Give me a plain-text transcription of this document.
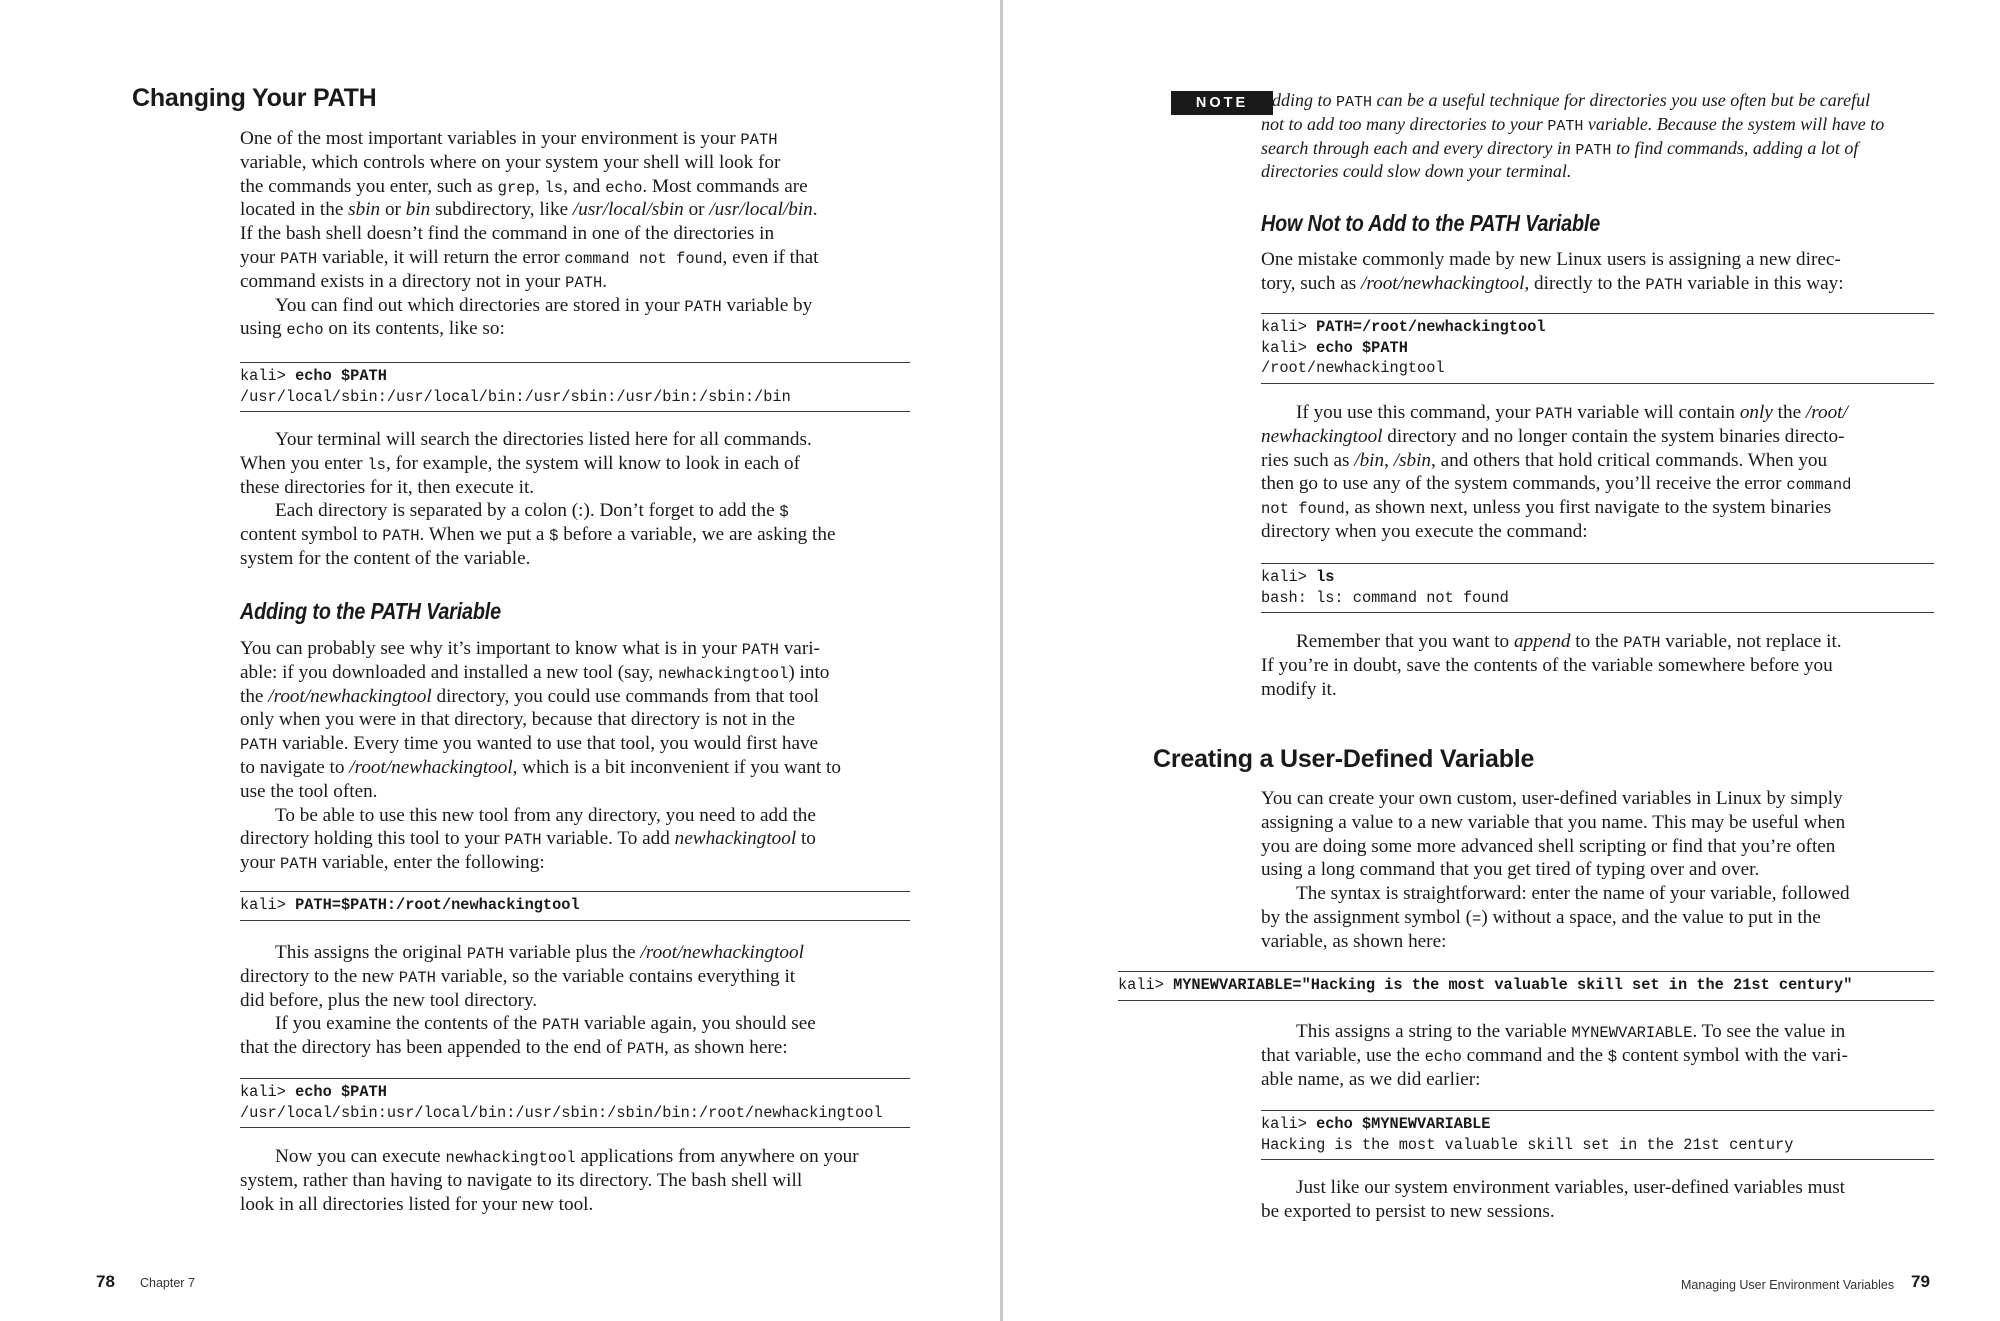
Changing Your PATH
One of the most important variables in your environment is your PATH
variable, which controls where on your system your shell will look for
the commands you enter, such as grep, ls, and echo. Most commands are
located in the sbin or bin subdirectory, like /usr/local/sbin or /usr/local/bin.
If the bash shell doesn’t find the command in one of the directories in
your PATH variable, it will return the error command not found, even if that
command exists in a directory not in your PATH.
You can find out which directories are stored in your PATH variable by
using echo on its contents, like so:
kali> echo $PATH
/usr/local/sbin:/usr/local/bin:/usr/sbin:/usr/bin:/sbin:/bin
Your terminal will search the directories listed here for all commands.
When you enter ls, for example, the system will know to look in each of
these directories for it, then execute it.
Each directory is separated by a colon (:). Don’t forget to add the $
content symbol to PATH. When we put a $ before a variable, we are asking the
system for the content of the variable.
Adding to the PATH Variable
You can probably see why it’s important to know what is in your PATH vari-
able: if you downloaded and installed a new tool (say, newhackingtool) into
the /root/newhackingtool directory, you could use commands from that tool
only when you were in that directory, because that directory is not in the
PATH variable. Every time you wanted to use that tool, you would first have
to navigate to /root/newhackingtool, which is a bit inconvenient if you want to
use the tool often.
To be able to use this new tool from any directory, you need to add the
directory holding this tool to your PATH variable. To add newhackingtool to
your PATH variable, enter the following:
kali> PATH=$PATH:/root/newhackingtool
This assigns the original PATH variable plus the /root/newhackingtool
directory to the new PATH variable, so the variable contains everything it
did before, plus the new tool directory.
If you examine the contents of the PATH variable again, you should see
that the directory has been appended to the end of PATH, as shown here:
kali> echo $PATH
/usr/local/sbin:usr/local/bin:/usr/sbin:/sbin/bin:/root/newhackingtool
Now you can execute newhackingtool applications from anywhere on your
system, rather than having to navigate to its directory. The bash shell will
look in all directories listed for your new tool.
78 Chapter 7
NOTE Adding to PATH can be a useful technique for directories you use often but be careful
not to add too many directories to your PATH variable. Because the system will have to
search through each and every directory in PATH to find commands, adding a lot of
directories could slow down your terminal.
How Not to Add to the PATH Variable
One mistake commonly made by new Linux users is assigning a new direc-
tory, such as /root/newhackingtool, directly to the PATH variable in this way:
kali> PATH=/root/newhackingtool
kali> echo $PATH
/root/newhackingtool
If you use this command, your PATH variable will contain only the /root/
newhackingtool directory and no longer contain the system binaries directo-
ries such as /bin, /sbin, and others that hold critical commands. When you
then go to use any of the system commands, you’ll receive the error command
not found, as shown next, unless you first navigate to the system binaries
directory when you execute the command:
kali> ls
bash: ls: command not found
Remember that you want to append to the PATH variable, not replace it.
If you’re in doubt, save the contents of the variable somewhere before you
modify it.
Creating a User-Defined Variable
You can create your own custom, user-defined variables in Linux by simply
assigning a value to a new variable that you name. This may be useful when
you are doing some more advanced shell scripting or find that you’re often
using a long command that you get tired of typing over and over.
The syntax is straightforward: enter the name of your variable, followed
by the assignment symbol (=) without a space, and the value to put in the
variable, as shown here:
kali> MYNEWVARIABLE="Hacking is the most valuable skill set in the 21st century"
This assigns a string to the variable MYNEWVARIABLE. To see the value in
that variable, use the echo command and the $ content symbol with the vari-
able name, as we did earlier:
kali> echo $MYNEWVARIABLE
Hacking is the most valuable skill set in the 21st century
Just like our system environment variables, user-defined variables must
be exported to persist to new sessions.
Managing User Environment Variables 79
